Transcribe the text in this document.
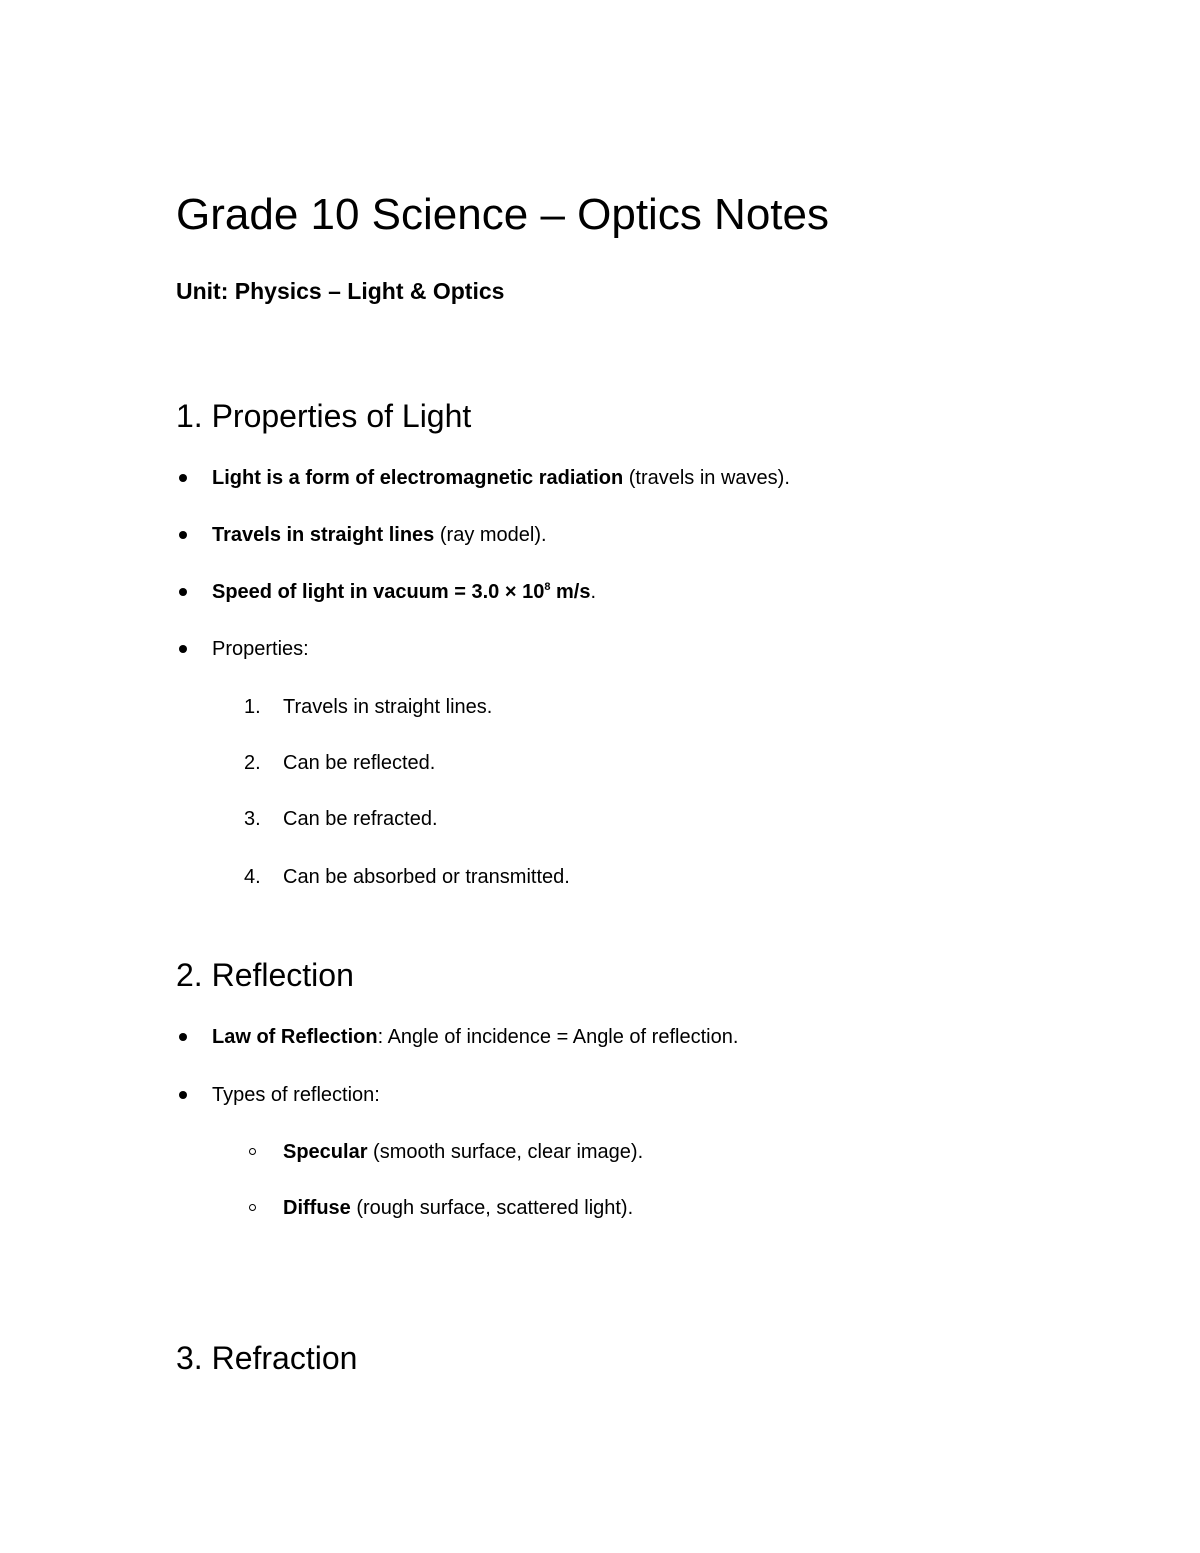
Grade 10 Science – Optics Notes
Unit: Physics – Light & Optics
1. Properties of Light
Light is a form of electromagnetic radiation (travels in waves).
Travels in straight lines (ray model).
Speed of light in vacuum = $3.0 \times 10^8$ m/s.
Properties:
1. Travels in straight lines.
2. Can be reflected.
3. Can be refracted.
4. Can be absorbed or transmitted.
2. Reflection
Law of Reflection: Angle of incidence = Angle of reflection.
Types of reflection:
Specular (smooth surface, clear image).
Diffuse (rough surface, scattered light).
3. Refraction
